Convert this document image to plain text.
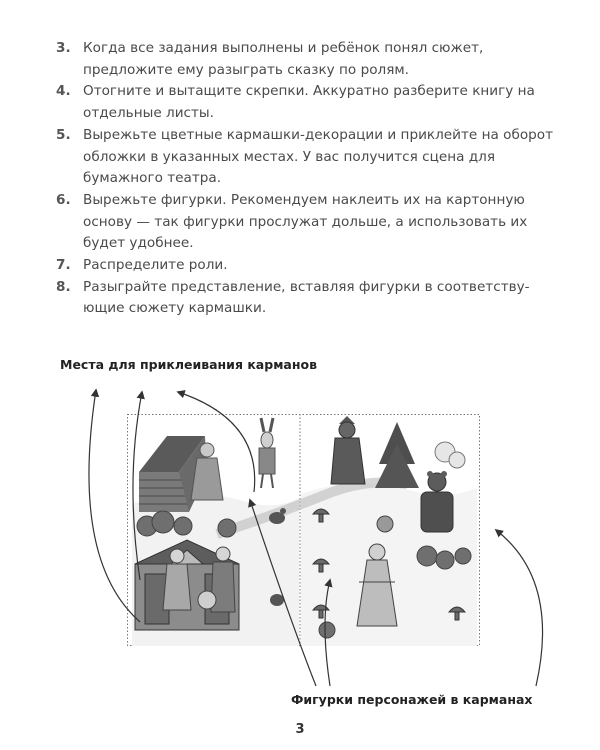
3. Когда все задания выполнены и ребёнок понял сюжет, предложите ему разыграть сказку по ролям.
4. Отогните и вытащите скрепки. Аккуратно разберите книгу на отдельные листы.
5. Вырежьте цветные кармашки-декорации и приклейте на оборот обложки в указанных местах. У вас получится сцена для бумажного театра.
6. Вырежьте фигурки. Рекомендуем наклеить их на картонную основу — так фигурки прослужат дольше, а использовать их будет удобнее.
7. Распределите роли.
8. Разыграйте представление, вставляя фигурки в соответству-ющие сюжету кармашки.
Места для приклеивания карманов
Фигурки персонажей в карманах
3
